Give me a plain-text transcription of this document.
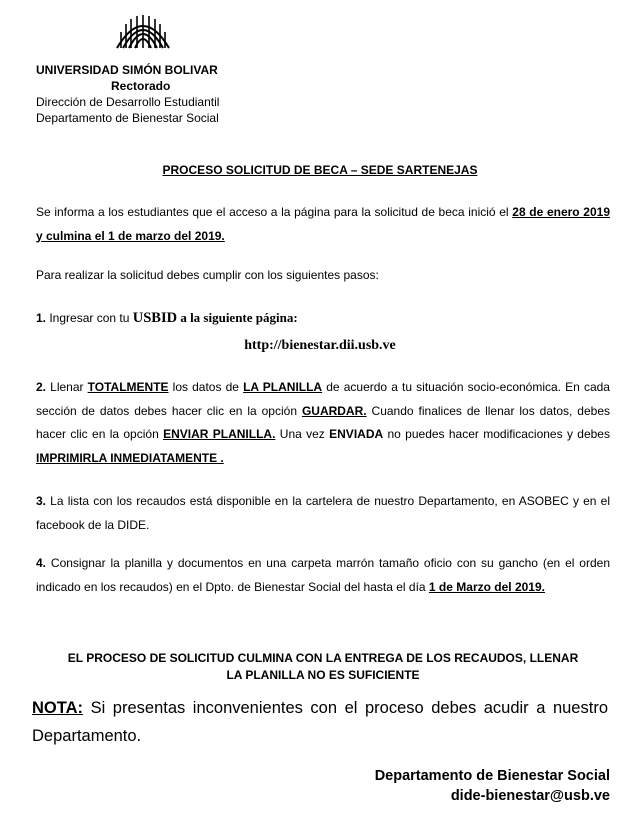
UNIVERSIDAD SIMÓN BOLIVAR
Rectorado
Dirección de Desarrollo Estudiantil
Departamento de Bienestar Social
PROCESO SOLICITUD DE BECA – SEDE SARTENEJAS
Se informa a los estudiantes que el acceso a la página para la solicitud de beca inició el 28 de enero 2019 y culmina el 1 de marzo del 2019.
Para realizar la solicitud debes cumplir con los siguientes pasos:
1. Ingresar con tu USBID a la siguiente página:
http://bienestar.dii.usb.ve
2. Llenar TOTALMENTE los datos de LA PLANILLA de acuerdo a tu situación socio-económica. En cada sección de datos debes hacer clic en la opción GUARDAR. Cuando finalices de llenar los datos, debes hacer clic en la opción ENVIAR PLANILLA. Una vez ENVIADA no puedes hacer modificaciones y debes IMPRIMIRLA INMEDIATAMENTE .
3. La lista con los recaudos está disponible en la cartelera de nuestro Departamento, en ASOBEC y en el facebook de la DIDE.
4. Consignar la planilla y documentos en una carpeta marrón tamaño oficio con su gancho (en el orden indicado en los recaudos) en el Dpto. de Bienestar Social del hasta el día 1 de Marzo del 2019.
EL PROCESO DE SOLICITUD CULMINA CON LA ENTREGA DE LOS RECAUDOS, LLENAR
LA PLANILLA NO ES SUFICIENTE
NOTA: Si presentas inconvenientes con el proceso debes acudir a nuestro Departamento.
Departamento de Bienestar Social
dide-bienestar@usb.ve
